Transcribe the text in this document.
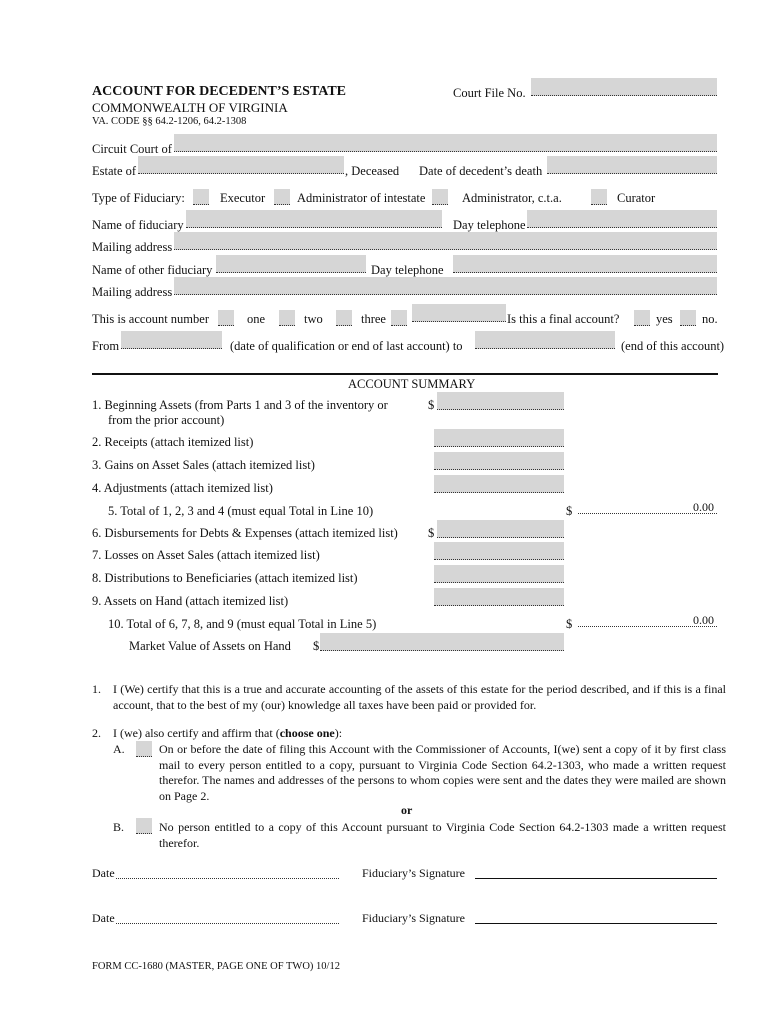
ACCOUNT FOR DECEDENT’S ESTATE
COMMONWEALTH OF VIRGINIA
VA. CODE §§ 64.2-1206, 64.2-1308
Court File No.
Circuit Court of
Estate of	, Deceased Date of decedent’s death
Type of Fiduciary:	Executor	Administrator of intestate	Administrator, c.t.a.	Curator
Name of fiduciary	Day telephone
Mailing address
Name of other fiduciary	Day telephone
Mailing address
This is account number	one	two	three	Is this a final account?	yes no.
From	(date of qualification or end of last account) to	(end of this account)
ACCOUNT SUMMARY
1. Beginning Assets (from Parts 1 and 3 of the inventory or
from the prior account)
$
2. Receipts (attach itemized list)
3. Gains on Asset Sales (attach itemized list)
4. Adjustments (attach itemized list)
5. Total of 1, 2, 3 and 4 (must equal Total in Line 10)	$	0.00
6. Disbursements for Debts & Expenses (attach itemized list) $
7. Losses on Asset Sales (attach itemized list)
8. Distributions to Beneficiaries (attach itemized list)
9. Assets on Hand (attach itemized list)
10. Total of 6, 7, 8, and 9 (must equal Total in Line 5)	$	0.00
Market Value of Assets on Hand $
1. I (We) certify that this is a true and accurate accounting of the assets of this estate for the period described, and if this is a final account, that to the best of my (our) knowledge all taxes have been paid or provided for.
2. I (we) also certify and affirm that (choose one):
A.	On or before the date of filing this Account with the Commissioner of Accounts, I(we) sent a copy of it by first class mail to every person entitled to a copy, pursuant to Virginia Code Section 64.2-1303, who made a written request therefor. The names and addresses of the persons to whom copies were sent and the dates they were mailed are shown on Page 2.
or
B.	No person entitled to a copy of this Account pursuant to Virginia Code Section 64.2-1303 made a written request therefor.
Date	Fiduciary’s Signature
Date	Fiduciary’s Signature
FORM CC-1680 (MASTER, PAGE ONE OF TWO) 10/12
